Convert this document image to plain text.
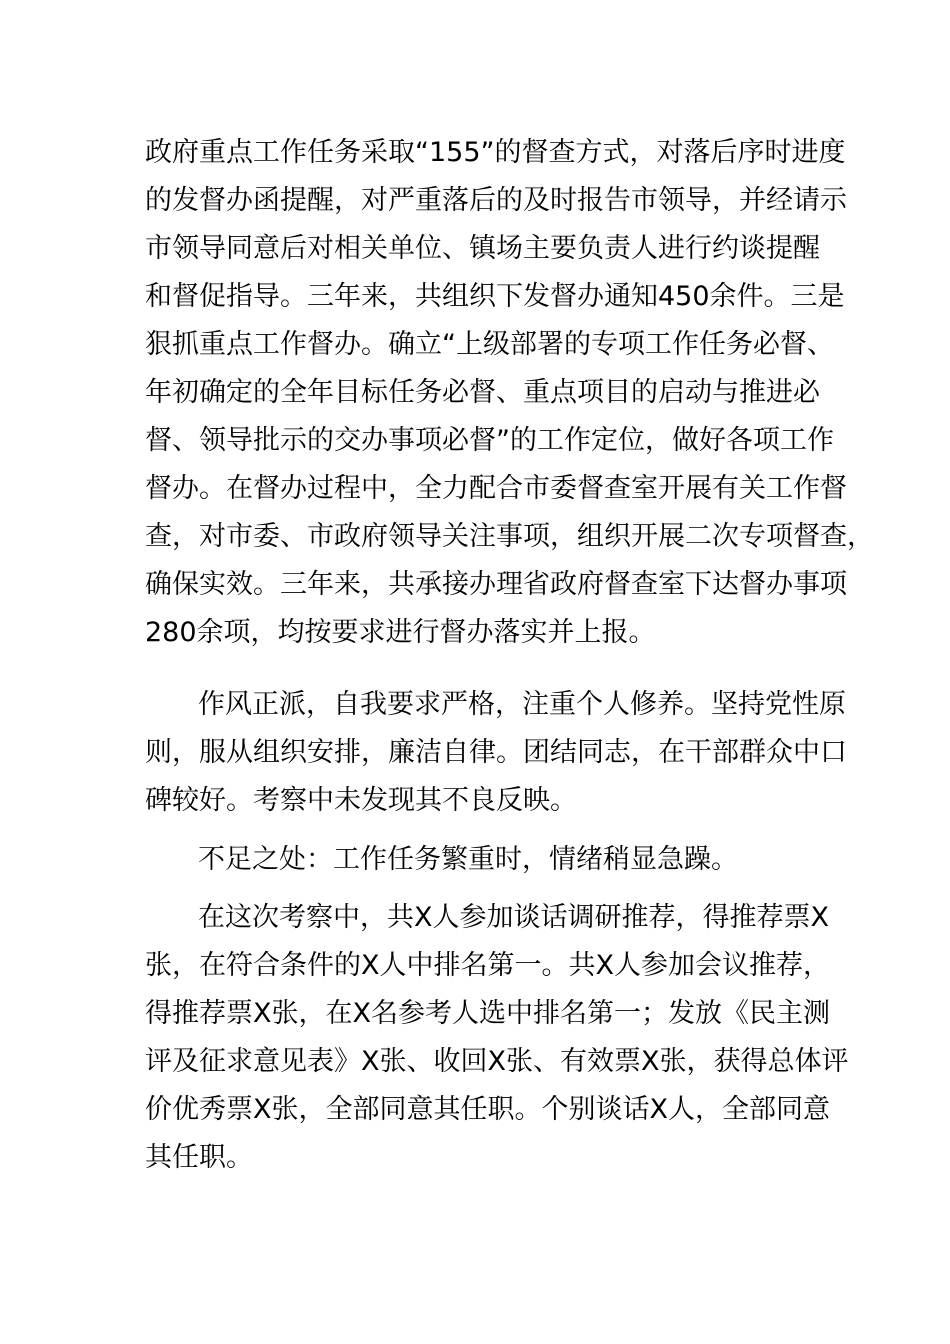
政府重点工作任务采取“155”的督查方式，对落后序时进度
的发督办函提醒，对严重落后的及时报告市领导，并经请示
市领导同意后对相关单位、镇场主要负责人进行约谈提醒
和督促指导。三年来，共组织下发督办通知450余件。三是
狠抓重点工作督办。确立“上级部署的专项工作任务必督、
年初确定的全年目标任务必督、重点项目的启动与推进必
督、领导批示的交办事项必督”的工作定位，做好各项工作
督办。在督办过程中，全力配合市委督查室开展有关工作督
查，对市委、市政府领导关注事项，组织开展二次专项督查，
确保实效。三年来，共承接办理省政府督查室下达督办事项
280余项，均按要求进行督办落实并上报。
作风正派，自我要求严格，注重个人修养。坚持党性原
则，服从组织安排，廉洁自律。团结同志，在干部群众中口
碑较好。考察中未发现其不良反映。
不足之处：工作任务繁重时，情绪稍显急躁。
在这次考察中，共X人参加谈话调研推荐，得推荐票X
张，在符合条件的X人中排名第一。共X人参加会议推荐，
得推荐票X张，在X名参考人选中排名第一；发放《民主测
评及征求意见表》X张、收回X张、有效票X张，获得总体评
价优秀票X张，全部同意其任职。个别谈话X人，全部同意
其任职。
